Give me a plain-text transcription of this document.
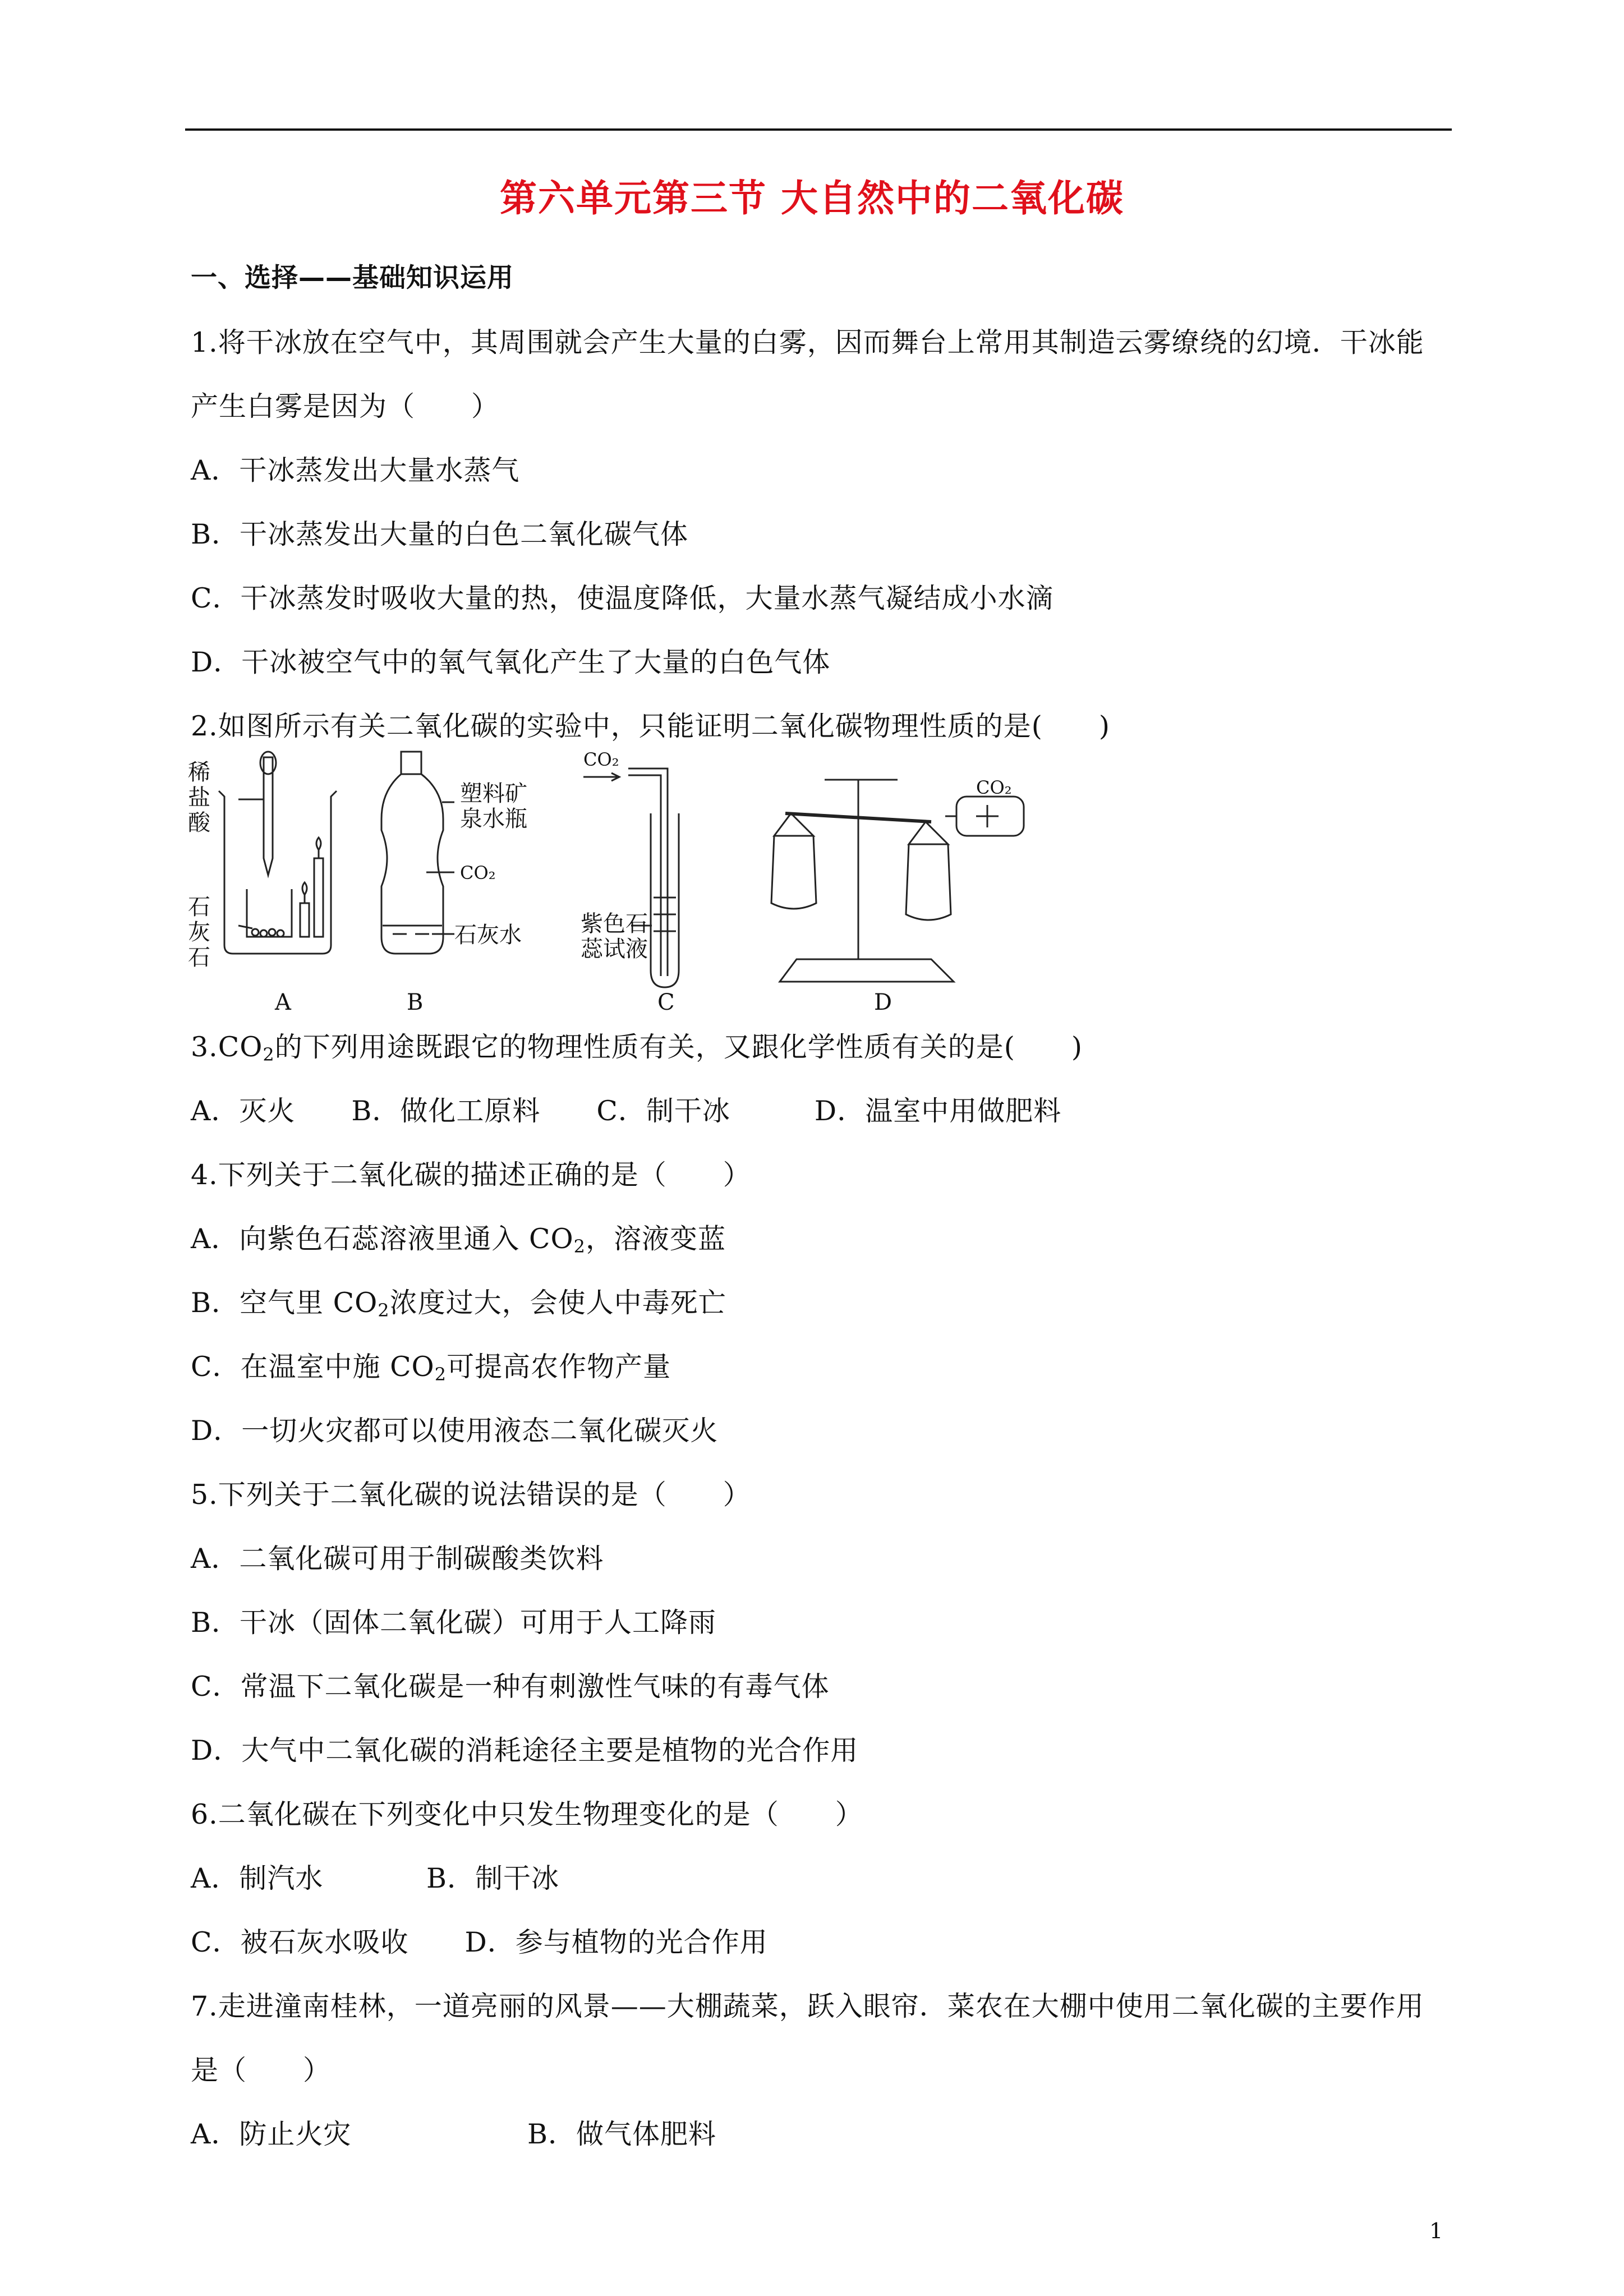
第六单元第三节 大自然中的二氧化碳
一、选择——基础知识运用
1.将干冰放在空气中，其周围就会产生大量的白雾，因而舞台上常用其制造云雾缭绕的幻境．干冰能
产生白雾是因为（　　）
A．干冰蒸发出大量水蒸气
B．干冰蒸发出大量的白色二氧化碳气体
C．干冰蒸发时吸收大量的热，使温度降低，大量水蒸气凝结成小水滴
D．干冰被空气中的氧气氧化产生了大量的白色气体
2.如图所示有关二氧化碳的实验中，只能证明二氧化碳物理性质的是(　　)
稀
盐
酸
石
灰
石
A
塑料矿
泉水瓶
CO₂
石灰水
B
CO₂
紫色石
蕊试液
C
CO₂
D
$3.CO_2$的下列用途既跟它的物理性质有关，又跟化学性质有关的是(　　)
A．灭火 B．做化工原料 C．制干冰	D．温室中用做肥料
4.下列关于二氧化碳的描述正确的是（　　）
A．向紫色石蕊溶液里通入 $CO_2$，溶液变蓝
B．空气里 $CO_2$浓度过大，会使人中毒死亡
C．在温室中施 $CO_2$可提高农作物产量
D．一切火灾都可以使用液态二氧化碳灭火
5.下列关于二氧化碳的说法错误的是（　　）
A．二氧化碳可用于制碳酸类饮料
B．干冰（固体二氧化碳）可用于人工降雨
C．常温下二氧化碳是一种有刺激性气味的有毒气体
D．大气中二氧化碳的消耗途径主要是植物的光合作用
6.二氧化碳在下列变化中只发生物理变化的是（　　）
A．制汽水	B．制干冰
C．被石灰水吸收 D．参与植物的光合作用
7.走进潼南桂林，一道亮丽的风景——大棚蔬菜，跃入眼帘．菜农在大棚中使用二氧化碳的主要作用
是（　　）
A．防止火灾	B．做气体肥料
1
